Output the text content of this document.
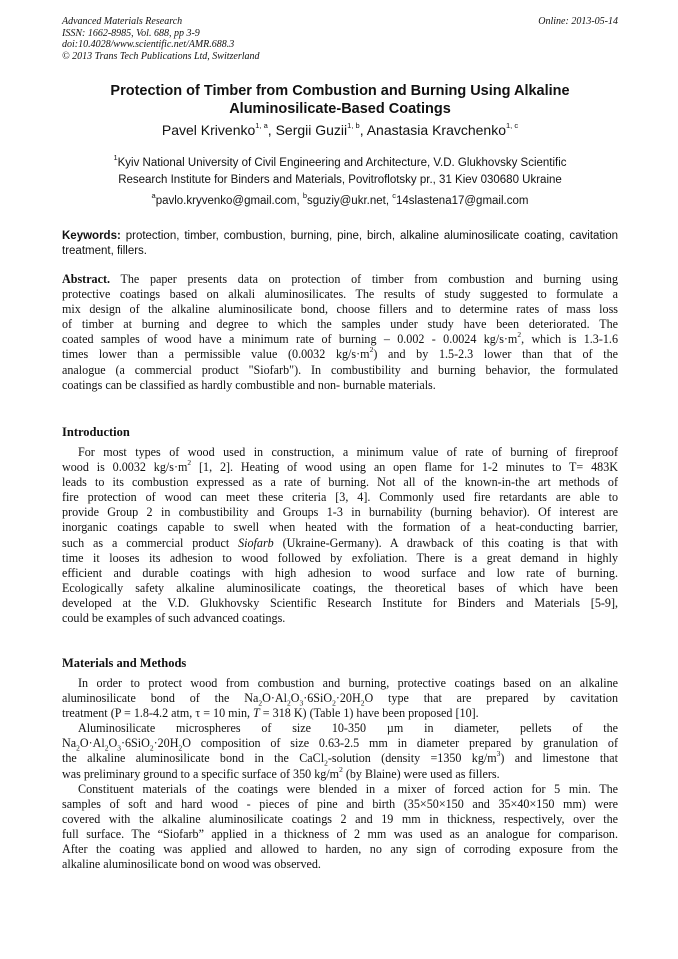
Advanced Materials Research
ISSN: 1662-8985, Vol. 688, pp 3-9
doi:10.4028/www.scientific.net/AMR.688.3
© 2013 Trans Tech Publications Ltd, Switzerland
Online: 2013-05-14
Protection of Timber from Combustion and Burning Using Alkaline
Aluminosilicate-Based Coatings
Pavel Krivenko$^{1, a}$, Sergii Guzii$^{1, b}$, Anastasia Kravchenko$^{1, c}$
$^1$Kyiv National University of Civil Engineering and Architecture, V.D. Glukhovsky Scientific
Research Institute for Binders and Materials, Povitroflotsky pr., 31 Kiev 030680 Ukraine
$^a$pavlo.kryvenko@gmail.com, $^b$sguziy@ukr.net, $^c$14slastena17@gmail.com
Keywords: protection, timber, combustion, burning, pine, birch, alkaline aluminosilicate coating, cavitation treatment, fillers.
Abstract. The paper presents data on protection of timber from combustion and burning using
protective coatings based on alkali aluminosilicates. The results of study suggested to formulate a
mix design of the alkaline aluminosilicate bond, choose fillers and to determine rates of mass loss
of timber at burning and degree to which the samples under study have been deteriorated. The
coated samples of wood have a minimum rate of burning – 0.002 - 0.0024 $kg/s\cdot m^2$, which is 1.3-1.6
times lower than a permissible value (0.0032 $kg/s\cdot m^2$) and by 1.5-2.3 lower than that of the
analogue (a commercial product "Siofarb"). In combustibility and burning behavior, the formulated
coatings can be classified as hardly combustible and non- burnable materials.
Introduction
For most types of wood used in construction, a minimum value of rate of burning of fireproof
wood is 0.0032 $kg/s\cdot m^2$ [1, 2]. Heating of wood using an open flame for 1-2 minutes to T= 483K
leads to its combustion expressed as a rate of burning. Not all of the known-in-the art methods of
fire protection of wood can meet these criteria [3, 4]. Commonly used fire retardants are able to
provide Group 2 in combustibility and Groups 1-3 in burnability (burning behavior). Of interest are
inorganic coatings capable to swell when heated with the formation of a heat-conducting barrier,
such as a commercial product Siofarb (Ukraine-Germany). A drawback of this coating is that with
time it looses its adhesion to wood followed by exfoliation. There is a great demand in highly
efficient and durable coatings with high adhesion to wood surface and low rate of burning.
Ecologically safety alkaline aluminosilicate coatings, the theoretical bases of which have been
developed at the V.D. Glukhovsky Scientific Research Institute for Binders and Materials [5-9],
could be examples of such advanced coatings.
Materials and Methods
In order to protect wood from combustion and burning, protective coatings based on an alkaline
aluminosilicate bond of the $Na_2O\cdot Al_2O_3\cdot 6SiO_2\cdot 20H_2O$ type that are prepared by cavitation
treatment (P = 1.8-4.2 atm, τ = 10 min, T = 318 K) (Table 1) have been proposed [10].
Aluminosilicate microspheres of size 10-350 µm in diameter, pellets of the
$Na_2O\cdot Al_2O_3\cdot 6SiO_2\cdot 20H_2O$ composition of size 0.63-2.5 mm in diameter prepared by granulation of
the alkaline aluminosilicate bond in the CaCl$_2$-solution (density =1350 $kg/m^3$) and limestone that
was preliminary ground to a specific surface of 350 $kg/m^2$ (by Blaine) were used as fillers.
Constituent materials of the coatings were blended in a mixer of forced action for 5 min. The
samples of soft and hard wood - pieces of pine and birth (35×50×150 and 35×40×150 mm) were
covered with the alkaline aluminosilicate coatings 2 and 19 mm in thickness, respectively, over the
full surface. The “Siofarb” applied in a thickness of 2 mm was used as an analogue for comparison.
After the coating was applied and allowed to harden, no any sign of corroding exposure from the
alkaline aluminosilicate bond on wood was observed.
